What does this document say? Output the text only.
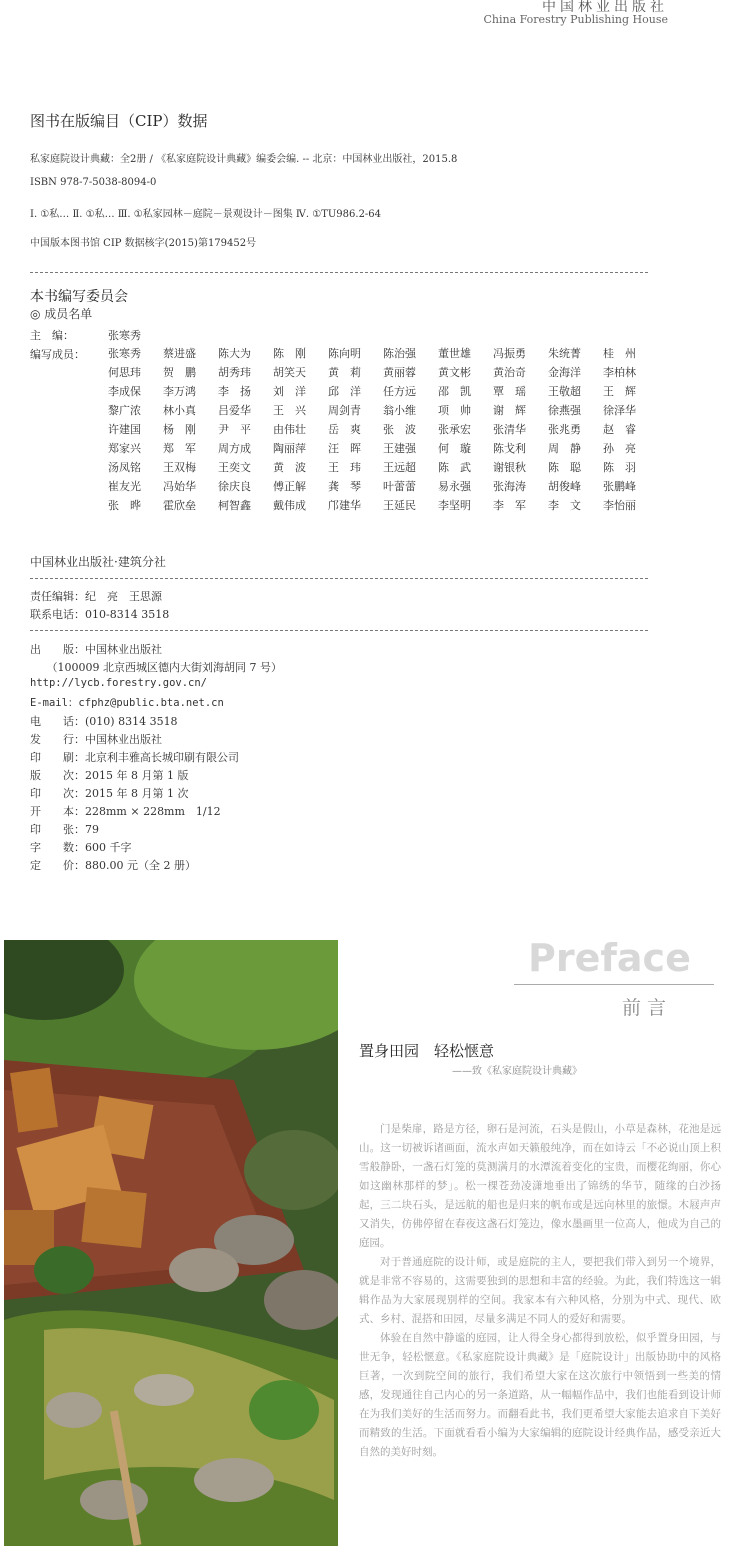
中国林业出版社
China Forestry Publishing House
图书在版编目（CIP）数据
私家庭院设计典藏：全2册 / 《私家庭院设计典藏》编委会编. -- 北京：中国林业出版社，2015.8
ISBN 978-7-5038-8094-0
Ⅰ. ①私… Ⅱ. ①私… Ⅲ. ①私家园林－庭院－景观设计－图集 Ⅳ. ①TU986.2-64
中国版本图书馆 CIP 数据核字(2015)第179452号
本书编写委员会
◎ 成员名单
主　编：	张寒秀
编写成员： 张寒秀	蔡进盛	陈大为	陈　刚	陈向明	陈治强	董世雄	冯振勇	朱统菁	桂　州
何思玮	贺　鹏	胡秀玮	胡笑天	黄　莉	黄丽蓉	黄文彬	黄治奇	金海洋	李柏林
李成保	李万鸿	李　扬	刘　洋	邱　洋	任方远	邵　凯	覃　瑶	王敬超	王　辉
黎广浓	林小真	吕爱华	王　兴	周剑青	翁小维	项　帅	谢　辉	徐燕强	徐泽华
许建国	杨　刚	尹　平	由伟壮	岳　爽	张　波	张承宏	张清华	张兆勇	赵　睿
郑家兴	郑　军	周方成	陶丽萍	汪　晖	王建强	何　璇	陈戈利	周　静	孙　亮
汤凤铭	王双梅	王奕文	黄　波	王　玮	王远超	陈　武	谢银秋	陈　聪	陈　羽
崔友光	冯始华	徐庆良	傅正解	龚　琴	叶蕾蕾	易永强	张海涛	胡俊峰	张鹏峰
张　晔	霍欣垒	柯智鑫	戴伟成	邝建华	王延民	李坚明	李　军	李　文	李怡丽
中国林业出版社·建筑分社
责任编辑：纪　亮　王思源
联系电话：010-8314 3518
出　　版：中国林业出版社
　　（100009 北京西城区德内大街刘海胡同 7 号）
http://lycb.forestry.gov.cn/
E-mail：cfphz@public.bta.net.cn
电　　话：(010) 8314 3518
发　　行：中国林业出版社
印　　刷：北京利丰雅高长城印刷有限公司
版　　次：2015 年 8 月第 1 版
印　　次：2015 年 8 月第 1 次
开　　本：228mm × 228mm　1/12
印　　张：79
字　　数：600 千字
定　　价：880.00 元（全 2 册）
Preface
前言
置身田园　轻松惬意
——致《私家庭院设计典藏》

门是柴扉，路是方径，卵石是河流，石头是假山，小草是森林，花池是远山。这一切被诉诸画面，流水声如天籁般纯净，而在如诗云「不必说山顶上积雪般静卧，一盏石灯笼的莫测满月的水潭流着变化的宝贵，而樱花绚丽，你心如这幽林那样的梦」。松一棵苍劲凌潇地垂出了锦绣的华节，随缘的白沙扬起，三二块石头，是远航的船也是归来的帆布或是远向林里的旅憬。木屐声声又消失，仿佛停留在春夜这盏石灯笼边，像水墨画里一位高人，他成为自己的庭园。

对于普通庭院的设计师，或是庭院的主人，要把我们带入到另一个境界，就是非常不容易的，这需要独到的思想和丰富的经验。为此，我们特选这一辑辑作品为大家展现别样的空间。我家本有六种风格，分别为中式、现代、欧式、乡村、混搭和田园，尽量多满足不同人的爱好和需要。

体验在自然中静谧的庭园，让人得全身心都得到放松，似乎置身田园，与世无争，轻松惬意。《私家庭院设计典藏》是「庭院设计」出版协助中的风格巨著，一次到院空间的旅行，我们希望大家在这次旅行中领悟到一些美的情感，发现通往自己内心的另一条道路，从一幅幅作品中，我们也能看到设计师在为我们美好的生活而努力。而翻看此书，我们更希望大家能去追求自下美好而精致的生活。下面就看看小编为大家编辑的庭院设计经典作品，感受亲近大自然的美好时刻。
